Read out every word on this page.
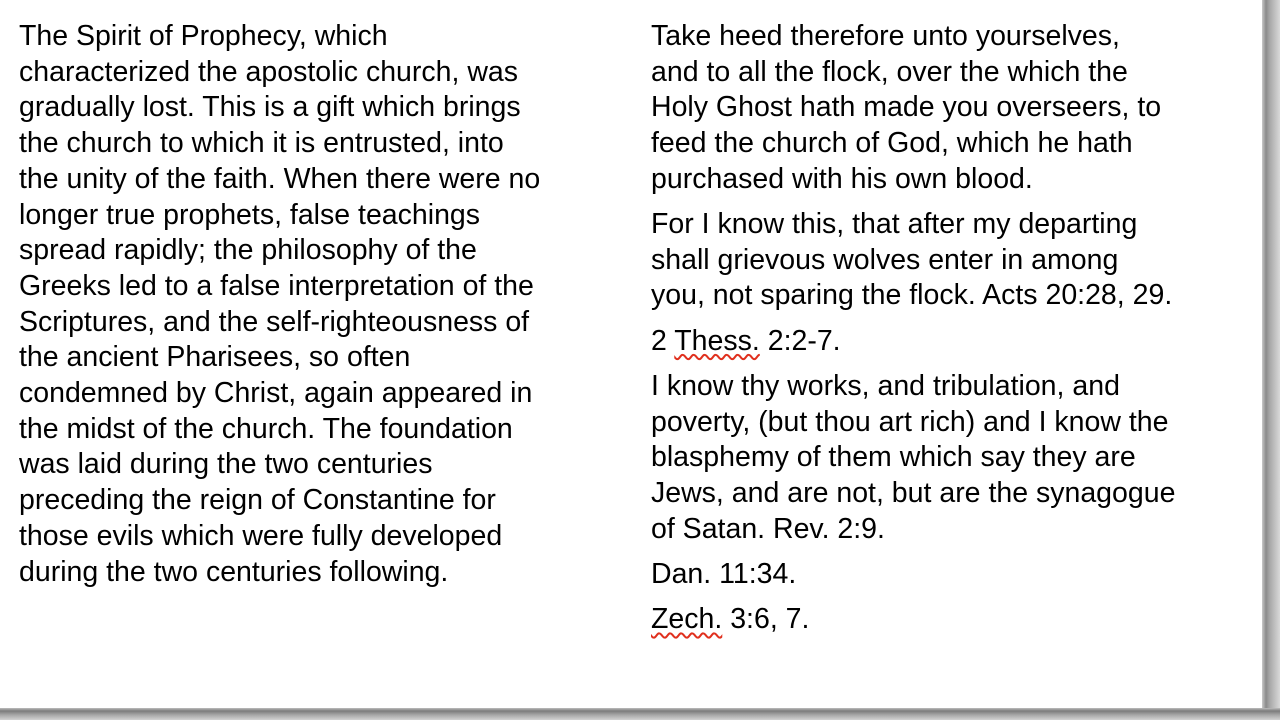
The Spirit of Prophecy, which
characterized the apostolic church, was
gradually lost. This is a gift which brings
the church to which it is entrusted, into
the unity of the faith. When there were no
longer true prophets, false teachings
spread rapidly; the philosophy of the
Greeks led to a false interpretation of the
Scriptures, and the self-righteousness of
the ancient Pharisees, so often
condemned by Christ, again appeared in
the midst of the church. The foundation
was laid during the two centuries
preceding the reign of Constantine for
those evils which were fully developed
during the two centuries following.

Take heed therefore unto yourselves,
and to all the flock, over the which the
Holy Ghost hath made you overseers, to
feed the church of God, which he hath
purchased with his own blood.

For I know this, that after my departing
shall grievous wolves enter in among
you, not sparing the flock. Acts 20:28, 29.

2 Thess. 2:2-7.

I know thy works, and tribulation, and
poverty, (but thou art rich) and I know the
blasphemy of them which say they are
Jews, and are not, but are the synagogue
of Satan. Rev. 2:9.

Dan. 11:34.

Zech. 3:6, 7.
